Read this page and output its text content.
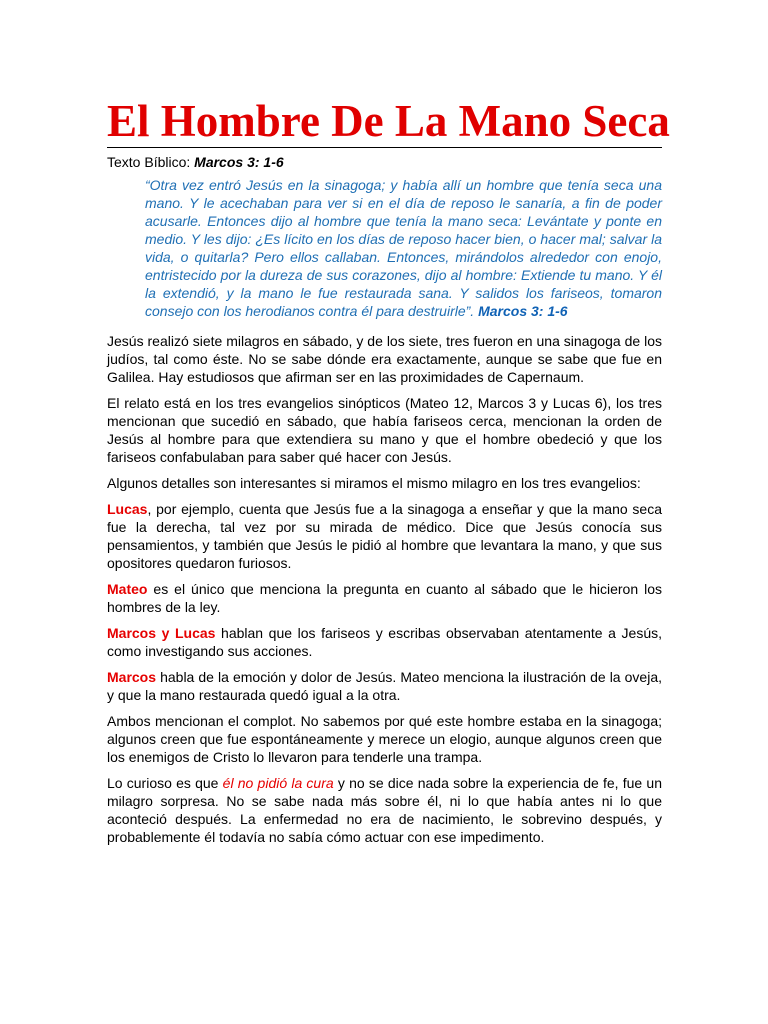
El Hombre De La Mano Seca
Texto Bíblico: Marcos 3: 1-6
“Otra vez entró Jesús en la sinagoga; y había allí un hombre que tenía seca una mano. Y le acechaban para ver si en el día de reposo le sanaría, a fin de poder acusarle. Entonces dijo al hombre que tenía la mano seca: Levántate y ponte en medio. Y les dijo: ¿Es lícito en los días de reposo hacer bien, o hacer mal; salvar la vida, o quitarla? Pero ellos callaban. Entonces, mirándolos alrededor con enojo, entristecido por la dureza de sus corazones, dijo al hombre: Extiende tu mano. Y él la extendió, y la mano le fue restaurada sana. Y salidos los fariseos, tomaron consejo con los herodianos contra él para destruirle”. Marcos 3: 1-6

Jesús realizó siete milagros en sábado, y de los siete, tres fueron en una sinagoga de los judíos, tal como éste. No se sabe dónde era exactamente, aunque se sabe que fue en Galilea. Hay estudiosos que afirman ser en las proximidades de Capernaum.

El relato está en los tres evangelios sinópticos (Mateo 12, Marcos 3 y Lucas 6), los tres mencionan que sucedió en sábado, que había fariseos cerca, mencionan la orden de Jesús al hombre para que extendiera su mano y que el hombre obedeció y que los fariseos confabulaban para saber qué hacer con Jesús.

Algunos detalles son interesantes si miramos el mismo milagro en los tres evangelios:

Lucas, por ejemplo, cuenta que Jesús fue a la sinagoga a enseñar y que la mano seca fue la derecha, tal vez por su mirada de médico. Dice que Jesús conocía sus pensamientos, y también que Jesús le pidió al hombre que levantara la mano, y que sus opositores quedaron furiosos.

Mateo es el único que menciona la pregunta en cuanto al sábado que le hicieron los hombres de la ley.

Marcos y Lucas hablan que los fariseos y escribas observaban atentamente a Jesús, como investigando sus acciones.

Marcos habla de la emoción y dolor de Jesús. Mateo menciona la ilustración de la oveja, y que la mano restaurada quedó igual a la otra.

Ambos mencionan el complot. No sabemos por qué este hombre estaba en la sinagoga; algunos creen que fue espontáneamente y merece un elogio, aunque algunos creen que los enemigos de Cristo lo llevaron para tenderle una trampa.

Lo curioso es que él no pidió la cura y no se dice nada sobre la experiencia de fe, fue un milagro sorpresa. No se sabe nada más sobre él, ni lo que había antes ni lo que aconteció después. La enfermedad no era de nacimiento, le sobrevino después, y probablemente él todavía no sabía cómo actuar con ese impedimento.
